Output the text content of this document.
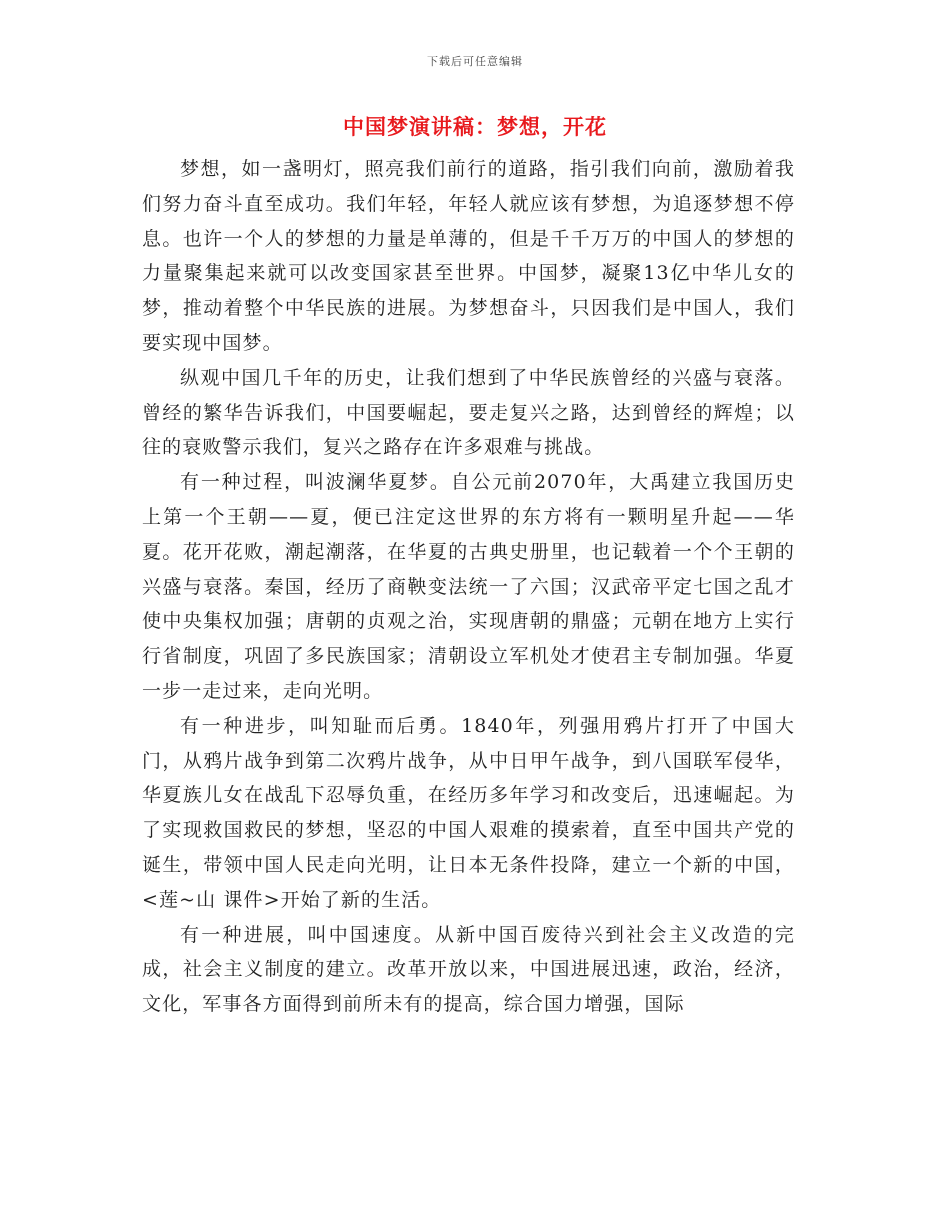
下载后可任意编辑
中国梦演讲稿：梦想，开花

梦想，如一盏明灯，照亮我们前行的道路，指引我们向前，激励着我们努力奋斗直至成功。我们年轻，年轻人就应该有梦想，为追逐梦想不停息。也许一个人的梦想的力量是单薄的，但是千千万万的中国人的梦想的力量聚集起来就可以改变国家甚至世界。中国梦，凝聚13亿中华儿女的梦，推动着整个中华民族的进展。为梦想奋斗，只因我们是中国人，我们要实现中国梦。

纵观中国几千年的历史，让我们想到了中华民族曾经的兴盛与衰落。曾经的繁华告诉我们，中国要崛起，要走复兴之路，达到曾经的辉煌；以往的衰败警示我们，复兴之路存在许多艰难与挑战。

有一种过程，叫波澜华夏梦。自公元前2070年，大禹建立我国历史上第一个王朝——夏，便已注定这世界的东方将有一颗明星升起——华夏。花开花败，潮起潮落，在华夏的古典史册里，也记载着一个个王朝的兴盛与衰落。秦国，经历了商鞅变法统一了六国；汉武帝平定七国之乱才使中央集权加强；唐朝的贞观之治，实现唐朝的鼎盛；元朝在地方上实行行省制度，巩固了多民族国家；清朝设立军机处才使君主专制加强。华夏一步一走过来，走向光明。

有一种进步，叫知耻而后勇。1840年，列强用鸦片打开了中国大门，从鸦片战争到第二次鸦片战争，从中日甲午战争，到八国联军侵华，华夏族儿女在战乱下忍辱负重，在经历多年学习和改变后，迅速崛起。为了实现救国救民的梦想，坚忍的中国人艰难的摸索着，直至中国共产党的诞生，带领中国人民走向光明，让日本无条件投降，建立一个新的中国，<莲~山 课件>开始了新的生活。

有一种进展，叫中国速度。从新中国百废待兴到社会主义改造的完成，社会主义制度的建立。改革开放以来，中国进展迅速，政治，经济，文化，军事各方面得到前所未有的提高，综合国力增强，国际
